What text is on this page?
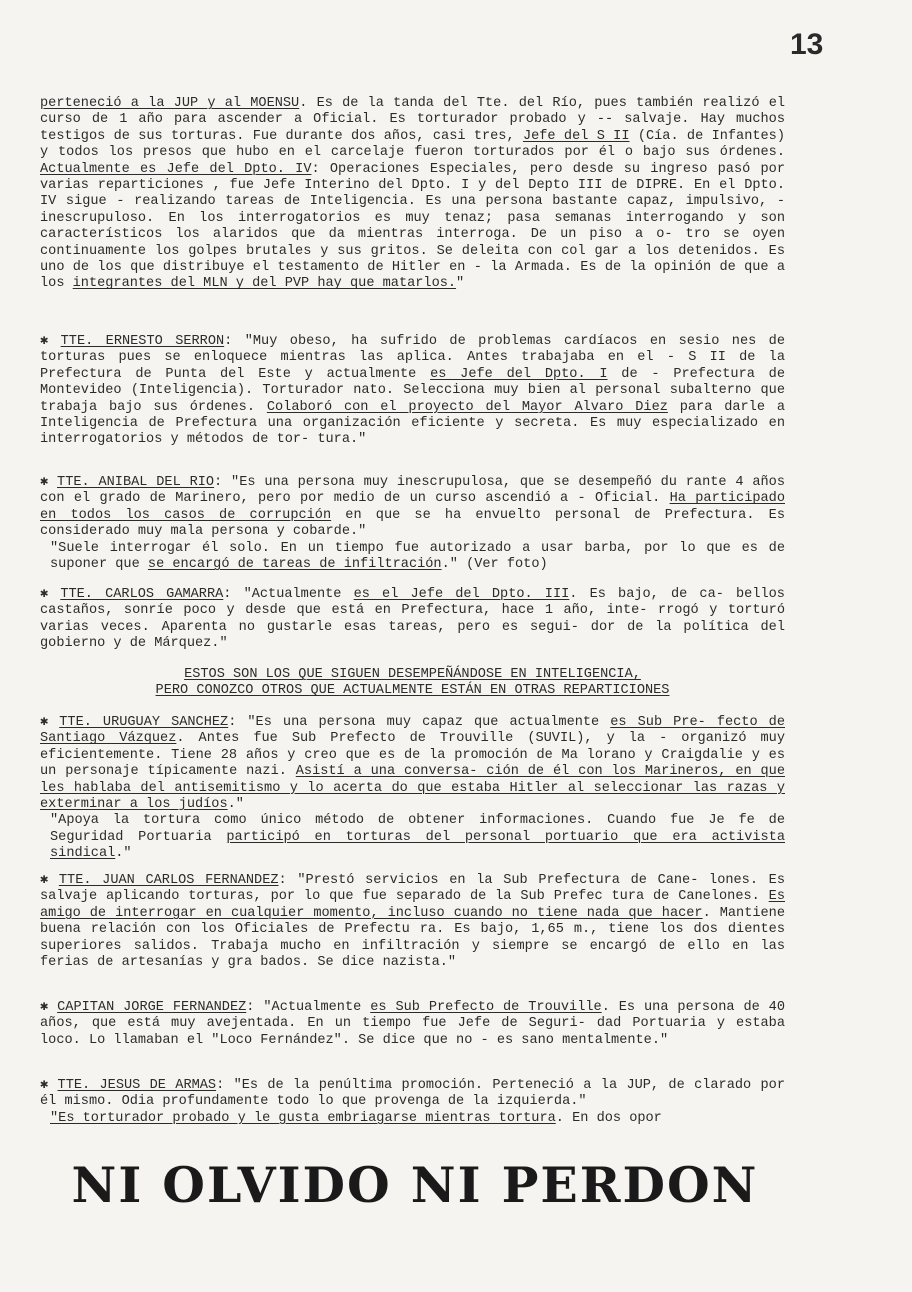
13

perteneció a la JUP y al MOENSU. Es de la tanda del Tte. del Río, pues también realizó el curso de 1 año para ascender a Oficial. Es torturador probado y -- salvaje. Hay muchos testigos de sus torturas. Fue durante dos años, casi tres, Jefe del S II (Cía. de Infantes) y todos los presos que hubo en el carcelaje fueron torturados por él o bajo sus órdenes. Actualmente es Jefe del Dpto. IV: Operaciones Especiales, pero desde su ingreso pasó por varias reparticiones , fue Jefe Interino del Dpto. I y del Depto III de DIPRE. En el Dpto. IV sigue - realizando tareas de Inteligencia. Es una persona bastante capaz, impulsivo, - inescrupuloso. En los interrogatorios es muy tenaz; pasa semanas interrogando y son característicos los alaridos que da mientras interroga. De un piso a o- tro se oyen continuamente los golpes brutales y sus gritos. Se deleita con col gar a los detenidos. Es uno de los que distribuye el testamento de Hitler en - la Armada. Es de la opinión de que a los integrantes del MLN y del PVP hay que matarlos."

✱ TTE. ERNESTO SERRON: "Muy obeso, ha sufrido de problemas cardíacos en sesio nes de torturas pues se enloquece mientras las aplica. Antes trabajaba en el - S II de la Prefectura de Punta del Este y actualmente es Jefe del Dpto. I de - Prefectura de Montevideo (Inteligencia). Torturador nato. Selecciona muy bien al personal subalterno que trabaja bajo sus órdenes. Colaboró con el proyecto del Mayor Alvaro Diez para darle a Inteligencia de Prefectura una organización eficiente y secreta. Es muy especializado en interrogatorios y métodos de tor- tura."

✱ TTE. ANIBAL DEL RIO: "Es una persona muy inescrupulosa, que se desempeñó du rante 4 años con el grado de Marinero, pero por medio de un curso ascendió a - Oficial. Ha participado en todos los casos de corrupción en que se ha envuelto personal de Prefectura. Es considerado muy mala persona y cobarde."

"Suele interrogar él solo. En un tiempo fue autorizado a usar barba, por lo que es de suponer que se encargó de tareas de infiltración." (Ver foto)

✱ TTE. CARLOS GAMARRA: "Actualmente es el Jefe del Dpto. III. Es bajo, de ca- bellos castaños, sonríe poco y desde que está en Prefectura, hace 1 año, inte- rrogó y torturó varias veces. Aparenta no gustarle esas tareas, pero es segui- dor de la política del gobierno y de Márquez."

ESTOS SON LOS QUE SIGUEN DESEMPEÑÁNDOSE EN INTELIGENCIA,

PERO CONOZCO OTROS QUE ACTUALMENTE ESTÁN EN OTRAS REPARTICIONES

✱ TTE. URUGUAY SANCHEZ: "Es una persona muy capaz que actualmente es Sub Pre- fecto de Santiago Vázquez. Antes fue Sub Prefecto de Trouville (SUVIL), y la - organizó muy eficientemente. Tiene 28 años y creo que es de la promoción de Ma lorano y Craigdalie y es un personaje típicamente nazi. Asistí a una conversa- ción de él con los Marineros, en que les hablaba del antisemitismo y lo acerta do que estaba Hitler al seleccionar las razas y exterminar a los judíos."

"Apoya la tortura como único método de obtener informaciones. Cuando fue Je fe de Seguridad Portuaria participó en torturas del personal portuario que era activista sindical."

✱ TTE. JUAN CARLOS FERNANDEZ: "Prestó servicios en la Sub Prefectura de Cane- lones. Es salvaje aplicando torturas, por lo que fue separado de la Sub Prefec tura de Canelones. Es amigo de interrogar en cualquier momento, incluso cuando no tiene nada que hacer. Mantiene buena relación con los Oficiales de Prefectu ra. Es bajo, 1,65 m., tiene los dos dientes superiores salidos. Trabaja mucho en infiltración y siempre se encargó de ello en las ferias de artesanías y gra bados. Se dice nazista."

✱ CAPITAN JORGE FERNANDEZ: "Actualmente es Sub Prefecto de Trouville. Es una persona de 40 años, que está muy avejentada. En un tiempo fue Jefe de Seguri- dad Portuaria y estaba loco. Lo llamaban el "Loco Fernández". Se dice que no - es sano mentalmente."

✱ TTE. JESUS DE ARMAS: "Es de la penúltima promoción. Perteneció a la JUP, de clarado por él mismo. Odia profundamente todo lo que provenga de la izquierda."

"Es torturador probado y le gusta embriagarse mientras tortura. En dos opor

NI OLVIDO NI PERDON
